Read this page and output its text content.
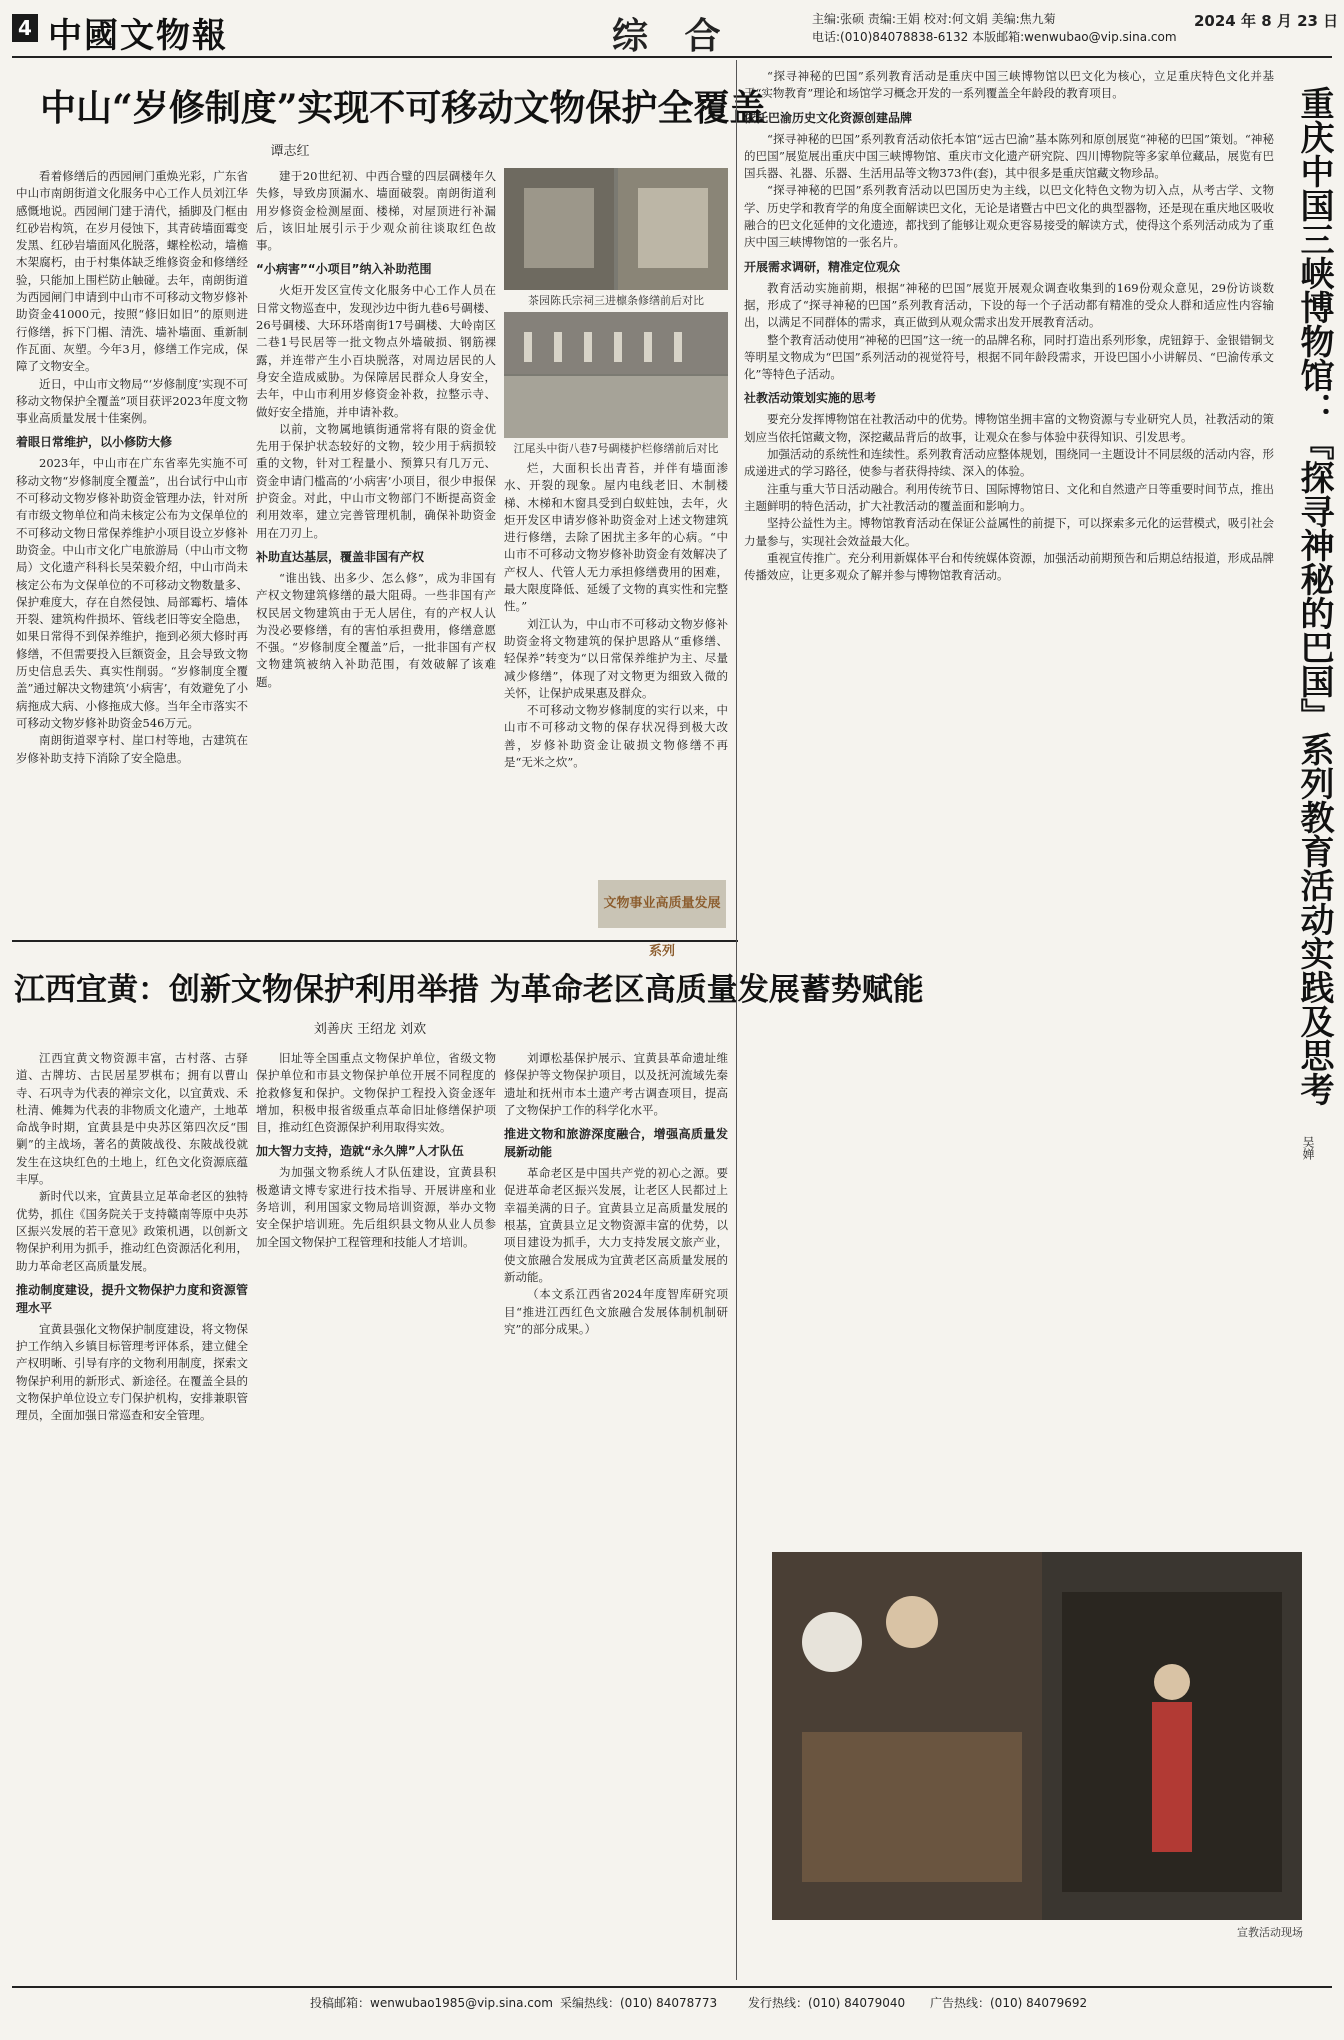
4 中國文物報	综 合	主编:张硕 责编:王娟 校对:何文娟 美编:焦九菊
电话:(010)84078838-6132 本版邮箱:wenwubao@vip.sina.com
2024 年 8 月 23 日
中山“岁修制度”实现不可移动文物保护全覆盖
谭志红

看着修缮后的西园闸门重焕光彩，广东省中山市南朗街道文化服务中心工作人员刘江华感慨地说。西园闸门建于清代，插脚及门框由红砂岩构筑，在岁月侵蚀下，其青砖墙面霉变发黑、红砂岩墙面风化脱落，螺栓松动，墙檐木架腐朽，由于村集体缺乏维修资金和修缮经验，只能加上围栏防止触碰。去年，南朗街道为西园闸门申请到中山市不可移动文物岁修补助资金41000元，按照“修旧如旧”的原则进行修缮，拆下门楣、清洗、墙补墙面、重新制作瓦面、灰塑。今年3月，修缮工作完成，保障了文物安全。

近日，中山市文物局“‘岁修制度’实现不可移动文物保护全覆盖”项目获评2023年度文物事业高质量发展十佳案例。

着眼日常维护，以小修防大修

2023年，中山市在广东省率先实施不可移动文物“岁修制度全覆盖”，出台试行中山市不可移动文物岁修补助资金管理办法，针对所有市级文物单位和尚未核定公布为文保单位的不可移动文物日常保养维护小项目设立岁修补助资金。中山市文化广电旅游局（中山市文物局）文化遗产科科长吴荣毅介绍，中山市尚未核定公布为文保单位的不可移动文物数量多、保护难度大，存在自然侵蚀、局部霉朽、墙体开裂、建筑构件损坏、管线老旧等安全隐患，如果日常得不到保养维护，拖到必须大修时再修缮，不但需要投入巨额资金，且会导致文物历史信息丢失、真实性削弱。“岁修制度全覆盖”通过解决文物建筑‘小病害’，有效避免了小病拖成大病、小修拖成大修。当年全市落实不可移动文物岁修补助资金546万元。

南朗街道翠亨村、崖口村等地，古建筑在岁修补助支持下消除了安全隐患。

建于20世纪初、中西合璧的四层碉楼年久失修，导致房顶漏水、墙面破裂。南朗街道利用岁修资金检测屋面、楼梯，对屋顶进行补漏后，该旧址展引示于少观众前往谈取红色故事。

“小病害”“小项目”纳入补助范围

火炬开发区宣传文化服务中心工作人员在日常文物巡查中，发现沙边中街九巷6号碉楼、26号碉楼、大环环塔南街17号碉楼、大岭南区二巷1号民居等一批文物点外墙破损、钢筋裸露，并连带产生小百块脱落，对周边居民的人身安全造成威胁。为保障居民群众人身安全，去年，中山市利用岁修资金补救，拉整示寺、做好安全措施，并申请补救。

以前，文物属地镇街通常将有限的资金优先用于保护状态较好的文物，较少用于病损较重的文物，针对工程量小、预算只有几万元、资金申请门槛高的‘小病害’小项目，很少申报保护资金。对此，中山市文物部门不断提高资金利用效率，建立完善管理机制，确保补助资金用在刀刃上。

补助直达基层，覆盖非国有产权

“谁出钱、出多少、怎么修”，成为非国有产权文物建筑修缮的最大阻碍。一些非国有产权民居文物建筑由于无人居住，有的产权人认为没必要修缮，有的害怕承担费用，修缮意愿不强。“岁修制度全覆盖”后，一批非国有产权文物建筑被纳入补助范围，有效破解了该难题。

茶园陈氏宗祠三进檩条修缮前后对比
江尾头中街八巷7号碉楼护栏修缮前后对比

烂，大面积长出青苔，并伴有墙面渗水、开裂的现象。屋内电线老旧、木制楼梯、木梯和木窗具受到白蚁蛀蚀，去年，火炬开发区申请岁修补助资金对上述文物建筑进行修缮，去除了困扰主多年的心病。“中山市不可移动文物岁修补助资金有效解决了产权人、代管人无力承担修缮费用的困难，最大限度降低、延缓了文物的真实性和完整性。”

刘江认为，中山市不可移动文物岁修补助资金将文物建筑的保护思路从“重修缮、轻保养”转变为“以日常保养维护为主、尽量减少修缮”，体现了对文物更为细致入微的关怀，让保护成果惠及群众。

不可移动文物岁修制度的实行以来，中山市不可移动文物的保存状况得到极大改善，岁修补助资金让破损文物修缮不再是“无米之炊”。

文物事业高质量发展系列
江西宜黄：创新文物保护利用举措 为革命老区高质量发展蓄势赋能
刘善庆 王绍龙 刘欢

江西宜黄文物资源丰富，古村落、古驿道、古牌坊、古民居星罗棋布；拥有以曹山寺、石巩寺为代表的禅宗文化，以宜黄戏、禾杜清、傩舞为代表的非物质文化遗产，土地革命战争时期，宜黄县是中央苏区第四次反“围剿”的主战场，著名的黄陂战役、东陂战役就发生在这块红色的土地上，红色文化资源底蕴丰厚。

新时代以来，宜黄县立足革命老区的独特优势，抓住《国务院关于支持赣南等原中央苏区振兴发展的若干意见》政策机遇，以创新文物保护利用为抓手，推动红色资源活化利用，助力革命老区高质量发展。

推动制度建设，提升文物保护力度和资源管理水平

宜黄县强化文物保护制度建设，将文物保护工作纳入乡镇目标管理考评体系，建立健全产权明晰、引导有序的文物利用制度，探索文物保护利用的新形式、新途径。在覆盖全县的文物保护单位设立专门保护机构，安排兼职管理员，全面加强日常巡查和安全管理。

旧址等全国重点文物保护单位，省级文物保护单位和市县文物保护单位开展不同程度的抢救修复和保护。文物保护工程投入资金逐年增加，积极申报省级重点革命旧址修缮保护项目，推动红色资源保护利用取得实效。

加大智力支持，造就“永久牌”人才队伍

为加强文物系统人才队伍建设，宜黄县积极邀请文博专家进行技术指导、开展讲座和业务培训，利用国家文物局培训资源，举办文物安全保护培训班。先后组织县文物从业人员参加全国文物保护工程管理和技能人才培训。

刘谭松基保护展示、宜黄县革命遗址维修保护等文物保护项目，以及抚河流域先秦遗址和抚州市本土遗产考古调查项目，提高了文物保护工作的科学化水平。

推进文物和旅游深度融合，增强高质量发展新动能

革命老区是中国共产党的初心之源。要促进革命老区振兴发展，让老区人民都过上幸福美满的日子。宜黄县立足高质量发展的根基，宜黄县立足文物资源丰富的优势，以项目建设为抓手，大力支持发展文旅产业，使文旅融合发展成为宜黄老区高质量发展的新动能。

（本文系江西省2024年度智库研究项目“推进江西红色文旅融合发展体制机制研究”的部分成果。）

“探寻神秘的巴国”系列教育活动是重庆中国三峡博物馆以巴文化为核心，立足重庆特色文化并基于“实物教育”理论和场馆学习概念开发的一系列覆盖全年龄段的教育项目。

依托巴渝历史文化资源创建品牌

“探寻神秘的巴国”系列教育活动依托本馆“远古巴渝”基本陈列和原创展览“神秘的巴国”策划。“神秘的巴国”展览展出重庆中国三峡博物馆、重庆市文化遗产研究院、四川博物院等多家单位藏品，展览有巴国兵器、礼器、乐器、生活用品等文物373件(套)，其中很多是重庆馆藏文物珍品。

“探寻神秘的巴国”系列教育活动以巴国历史为主线，以巴文化特色文物为切入点，从考古学、文物学、历史学和教育学的角度全面解读巴文化，无论是诸暨古中巴文化的典型器物，还是现在重庆地区吸收融合的巴文化延伸的文化遗迹，都找到了能够让观众更容易接受的解读方式，使得这个系列活动成为了重庆中国三峡博物馆的一张名片。

开展需求调研，精准定位观众

教育活动实施前期，根据“神秘的巴国”展览开展观众调查收集到的169份观众意见，29份访谈数据，形成了“探寻神秘的巴国”系列教育活动，下设的每一个子活动都有精准的受众人群和适应性内容输出，以满足不同群体的需求，真正做到从观众需求出发开展教育活动。

整个教育活动使用“神秘的巴国”这一统一的品牌名称，同时打造出系列形象，虎钮錞于、金银错铜戈等明星文物成为“巴国”系列活动的视觉符号，根据不同年龄段需求，开设巴国小小讲解员、“巴渝传承文化”等特色子活动。

社教活动策划实施的思考

要充分发挥博物馆在社教活动中的优势。博物馆坐拥丰富的文物资源与专业研究人员，社教活动的策划应当依托馆藏文物，深挖藏品背后的故事，让观众在参与体验中获得知识、引发思考。

加强活动的系统性和连续性。系列教育活动应整体规划，围绕同一主题设计不同层级的活动内容，形成递进式的学习路径，使参与者获得持续、深入的体验。

注重与重大节日活动融合。利用传统节日、国际博物馆日、文化和自然遗产日等重要时间节点，推出主题鲜明的特色活动，扩大社教活动的覆盖面和影响力。

坚持公益性为主。博物馆教育活动在保证公益属性的前提下，可以探索多元化的运营模式，吸引社会力量参与，实现社会效益最大化。

重视宣传推广。充分利用新媒体平台和传统媒体资源，加强活动前期预告和后期总结报道，形成品牌传播效应，让更多观众了解并参与博物馆教育活动。	重庆中国三峡博物馆：『探寻神秘的巴国』系列教育活动实践及思考
吴婵
宣教活动现场
投稿邮箱：wenwubao1985@vip.sina.com 采编热线：(010) 84078773	发行热线：(010) 84079040 广告热线：(010) 84079692
